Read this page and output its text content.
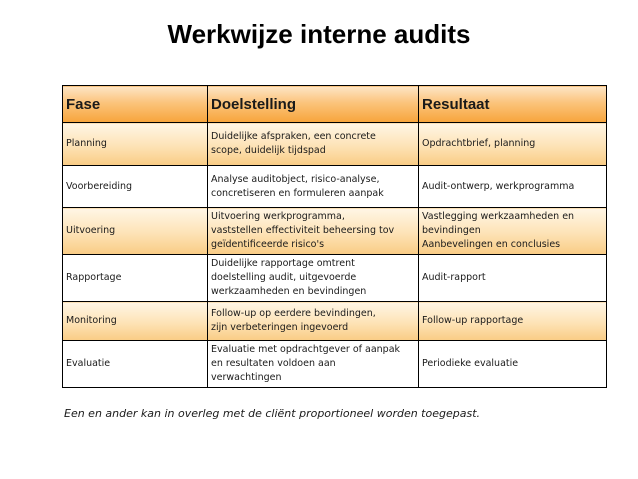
Werkwijze interne audits
Fase	Doelstelling	Resultaat
Planning	Duidelijke afspraken, een concrete
scope, duidelijk tijdspad	Opdrachtbrief, planning

Voorbereiding	Analyse auditobject, risico-analyse,
concretiseren en formuleren aanpak	Audit-ontwerp, werkprogramma

Uitvoering	Uitvoering werkprogramma,
vaststellen effectiviteit beheersing tov
geïdentificeerde risico's	Vastlegging werkzaamheden en
bevindingen
Aanbevelingen en conclusies

Rapportage	Duidelijke rapportage omtrent
doelstelling audit, uitgevoerde
werkzaamheden en bevindingen	Audit-rapport

Monitoring	Follow-up op eerdere bevindingen,
zijn verbeteringen ingevoerd	Follow-up rapportage

Evaluatie	Evaluatie met opdrachtgever of aanpak
en resultaten voldoen aan
verwachtingen	Periodieke evaluatie
Een en ander kan in overleg met de cliënt proportioneel worden toegepast.
